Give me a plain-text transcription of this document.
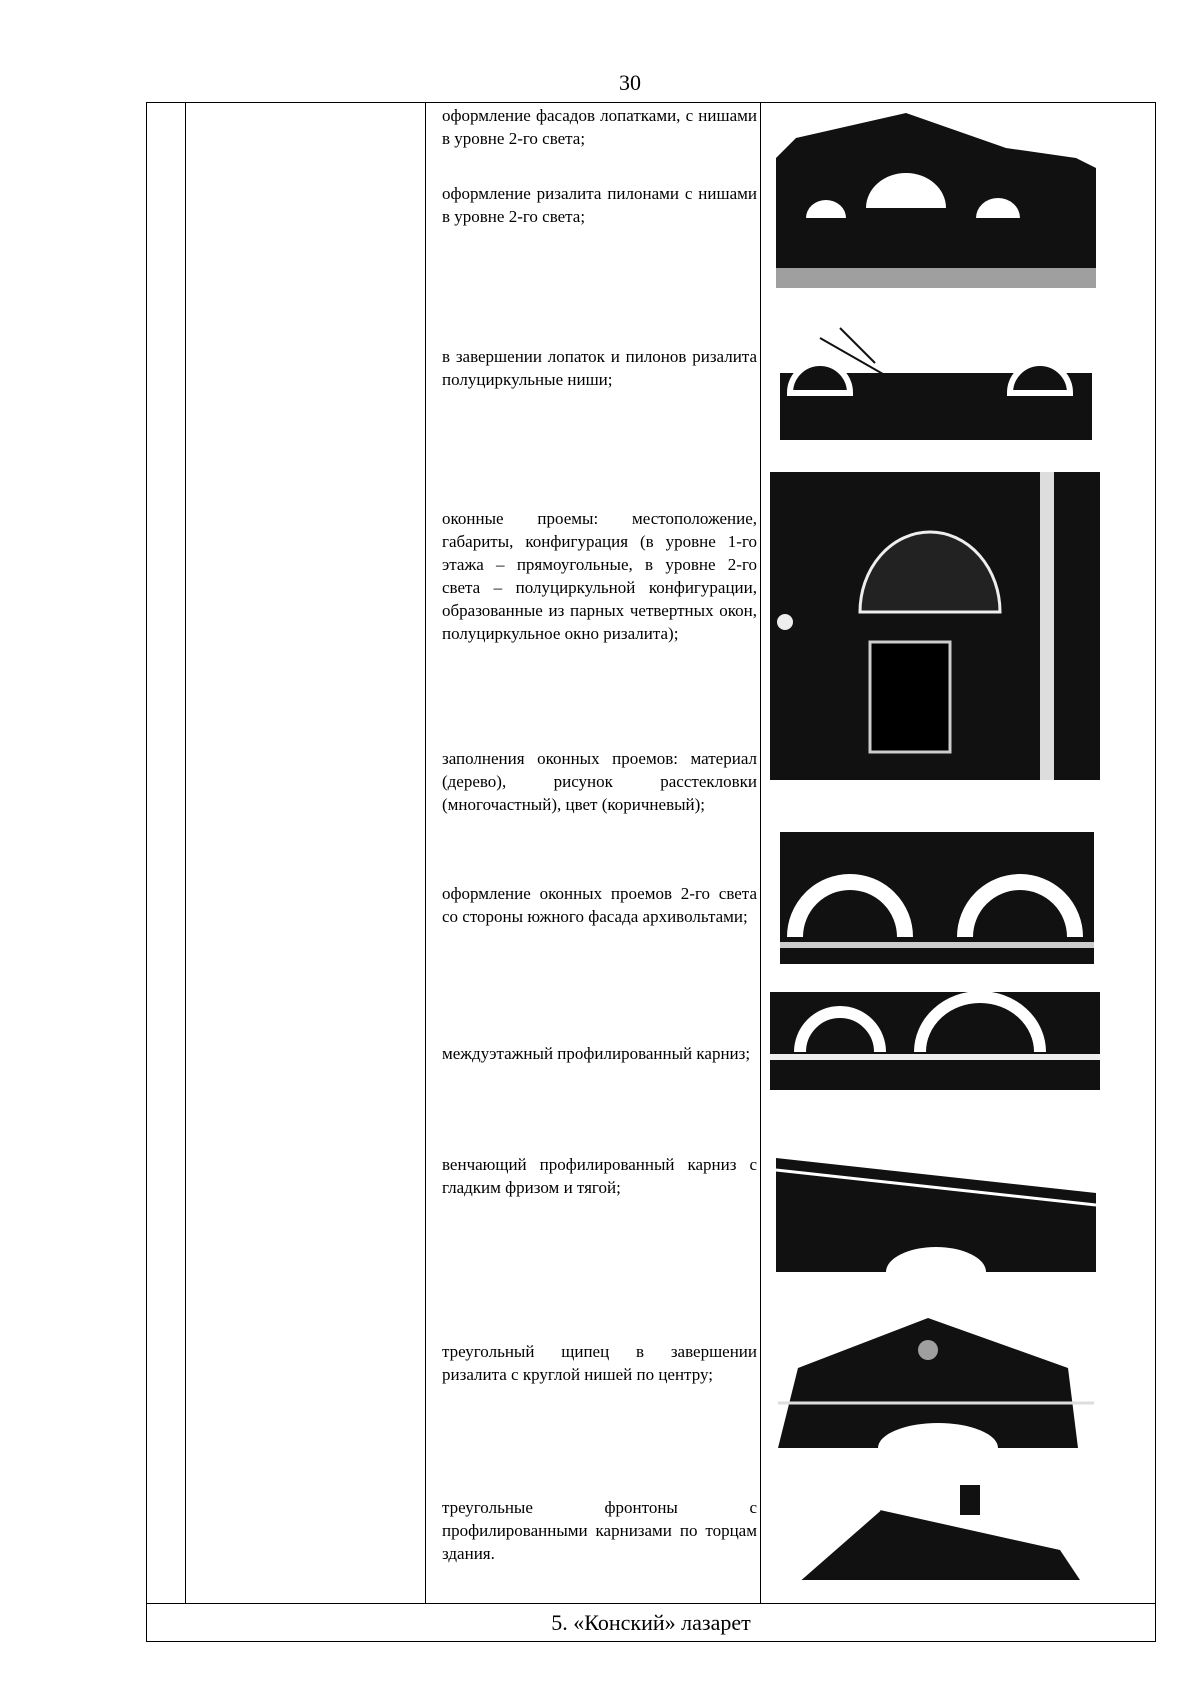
30
5. «Конский» лазарет
оформление фасадов лопатками, с нишами в уровне 2-го света;
оформление ризалита пилонами с нишами в уровне 2-го света;
в завершении лопаток и пилонов ризалита полуциркульные ниши;
оконные проемы: местоположение, габариты, конфигурация (в уровне 1-го этажа – прямоугольные, в уровне 2-го света – полуциркульной конфигурации, образованные из парных четвертных окон, полуциркульное окно ризалита);
заполнения оконных проемов: материал (дерево), рисунок расстекловки (многочастный), цвет (коричневый);
оформление оконных проемов 2-го света со стороны южного фасада архивольтами;
междуэтажный профилированный карниз;
венчающий профилированный карниз с гладким фризом и тягой;
треугольный щипец в завершении ризалита с круглой нишей по центру;
треугольные фронтоны с профилированными карнизами по торцам здания.
